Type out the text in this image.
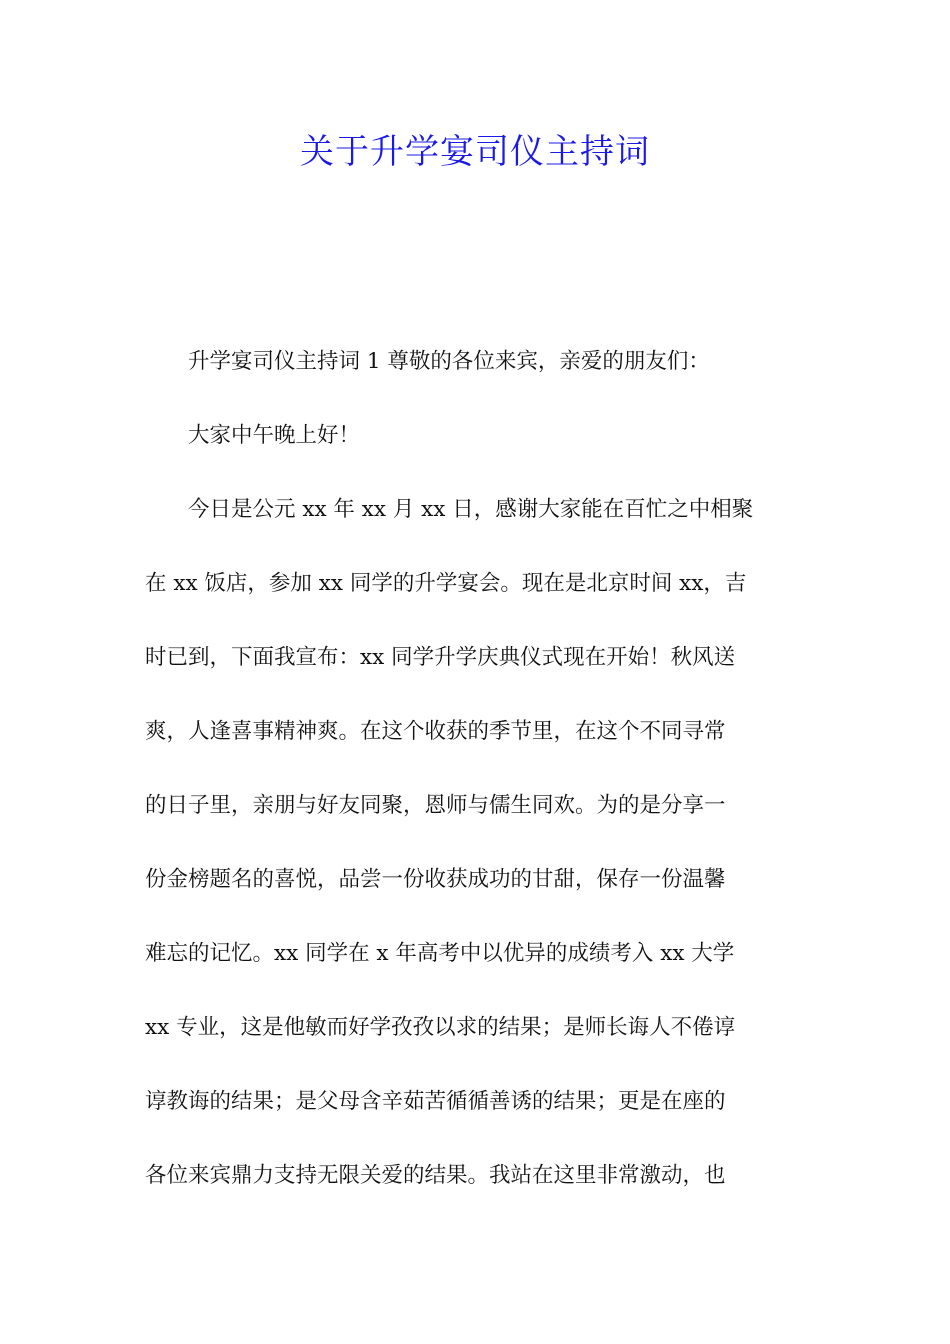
关于升学宴司仪主持词

升学宴司仪主持词 1 尊敬的各位来宾，亲爱的朋友们：

大家中午晚上好！

今日是公元 xx 年 xx 月 xx 日，感谢大家能在百忙之中相聚

在 xx 饭店，参加 xx 同学的升学宴会。现在是北京时间 xx，吉

时已到，下面我宣布：xx 同学升学庆典仪式现在开始！秋风送

爽，人逢喜事精神爽。在这个收获的季节里，在这个不同寻常

的日子里，亲朋与好友同聚，恩师与儒生同欢。为的是分享一

份金榜题名的喜悦，品尝一份收获成功的甘甜，保存一份温馨

难忘的记忆。xx 同学在 x 年高考中以优异的成绩考入 xx 大学

xx 专业，这是他敏而好学孜孜以求的结果；是师长诲人不倦谆

谆教诲的结果；是父母含辛茹苦循循善诱的结果；更是在座的

各位来宾鼎力支持无限关爱的结果。我站在这里非常激动，也
